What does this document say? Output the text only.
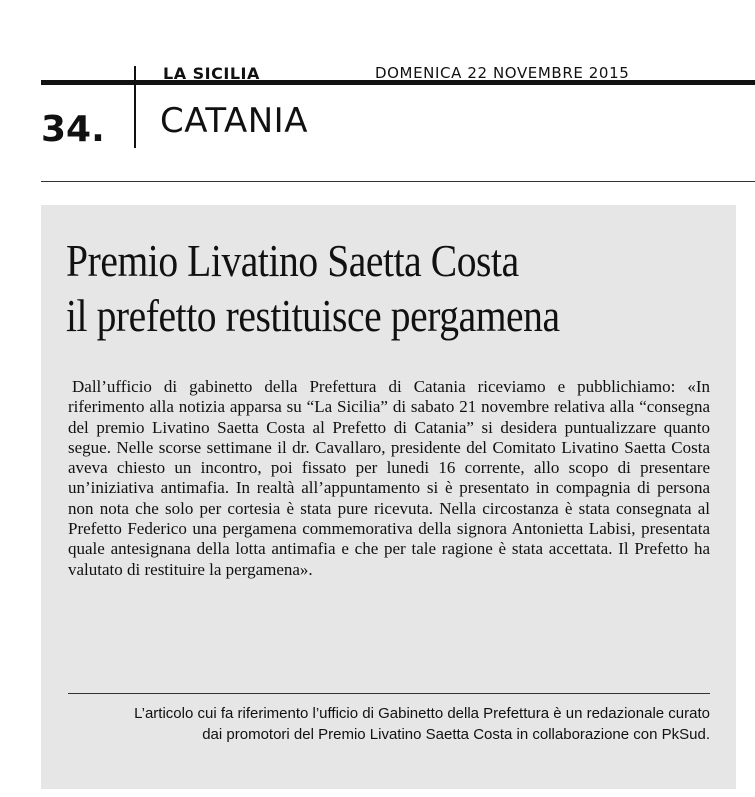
LA SICILIA	DOMENICA 22 NOVEMBRE 2015
34. CATANIA
Premio Livatino Saetta Costa
il prefetto restituisce pergamena

Dall’ufficio di gabinetto della Prefettura di Catania riceviamo e pubblichiamo: «In riferimento alla notizia apparsa su “La Sicilia” di sabato 21 novembre relativa alla “consegna del premio Livatino Saetta Costa al Prefetto di Catania” si desidera puntualizzare quanto segue. Nelle scorse settimane il dr. Cavallaro, presidente del Comitato Livatino Saetta Costa aveva chiesto un incontro, poi fissato per lunedi 16 corrente, allo scopo di presentare un’iniziativa antimafia. In realtà all’appuntamento si è presentato in compagnia di persona non nota che solo per cortesia è stata pure ricevuta. Nella circostanza è stata consegnata al Prefetto Federico una pergamena commemorativa della signora Antonietta Labisi, presentata quale antesignana della lotta antimafia e che per tale ragione è stata accettata. Il Prefetto ha valutato di restituire la pergamena».

L’articolo cui fa riferimento l’ufficio di Gabinetto della Prefettura è un redazionale curato dai promotori del Premio Livatino Saetta Costa in collaborazione con PkSud.
